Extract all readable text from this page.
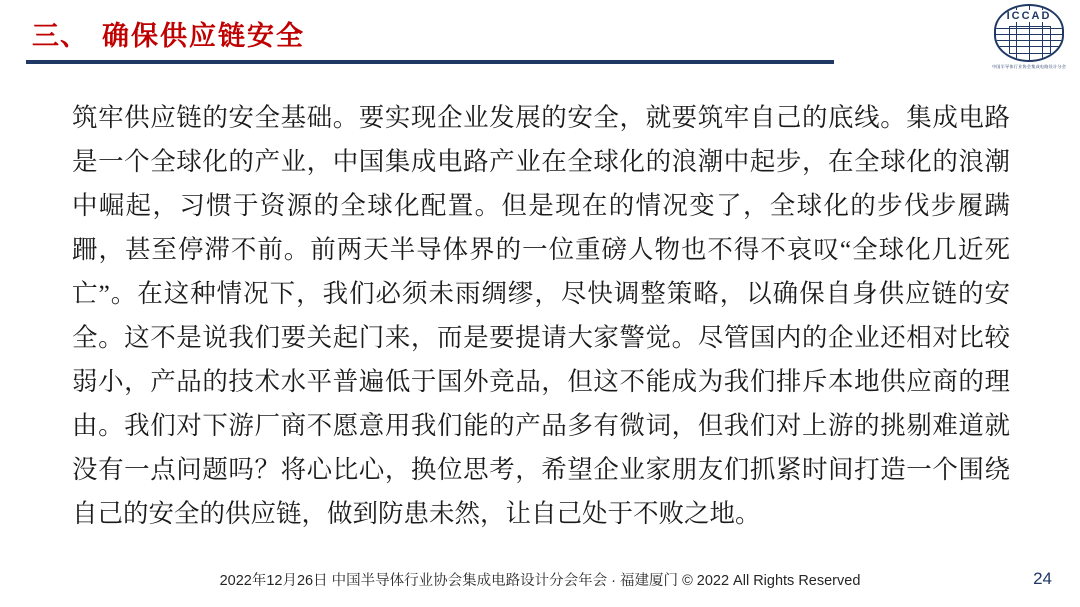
三、 确保供应链安全
ICCAD
中国半导体行业协会集成电路设计分会
筑牢供应链的安全基础。要实现企业发展的安全，就要筑牢自己的底线。集成电路是一个全球化的产业，中国集成电路产业在全球化的浪潮中起步，在全球化的浪潮中崛起，习惯于资源的全球化配置。但是现在的情况变了，全球化的步伐步履蹒跚，甚至停滞不前。前两天半导体界的一位重磅人物也不得不哀叹“全球化几近死亡”。在这种情况下，我们必须未雨绸缪，尽快调整策略，以确保自身供应链的安全。这不是说我们要关起门来，而是要提请大家警觉。尽管国内的企业还相对比较弱小，产品的技术水平普遍低于国外竞品，但这不能成为我们排斥本地供应商的理由。我们对下游厂商不愿意用我们能的产品多有微词，但我们对上游的挑剔难道就没有一点问题吗？将心比心，换位思考，希望企业家朋友们抓紧时间打造一个围绕自己的安全的供应链，做到防患未然，让自己处于不败之地。
2022年12月26日 中国半导体行业协会集成电路设计分会年会 · 福建厦门 © 2022 All Rights Reserved	24
